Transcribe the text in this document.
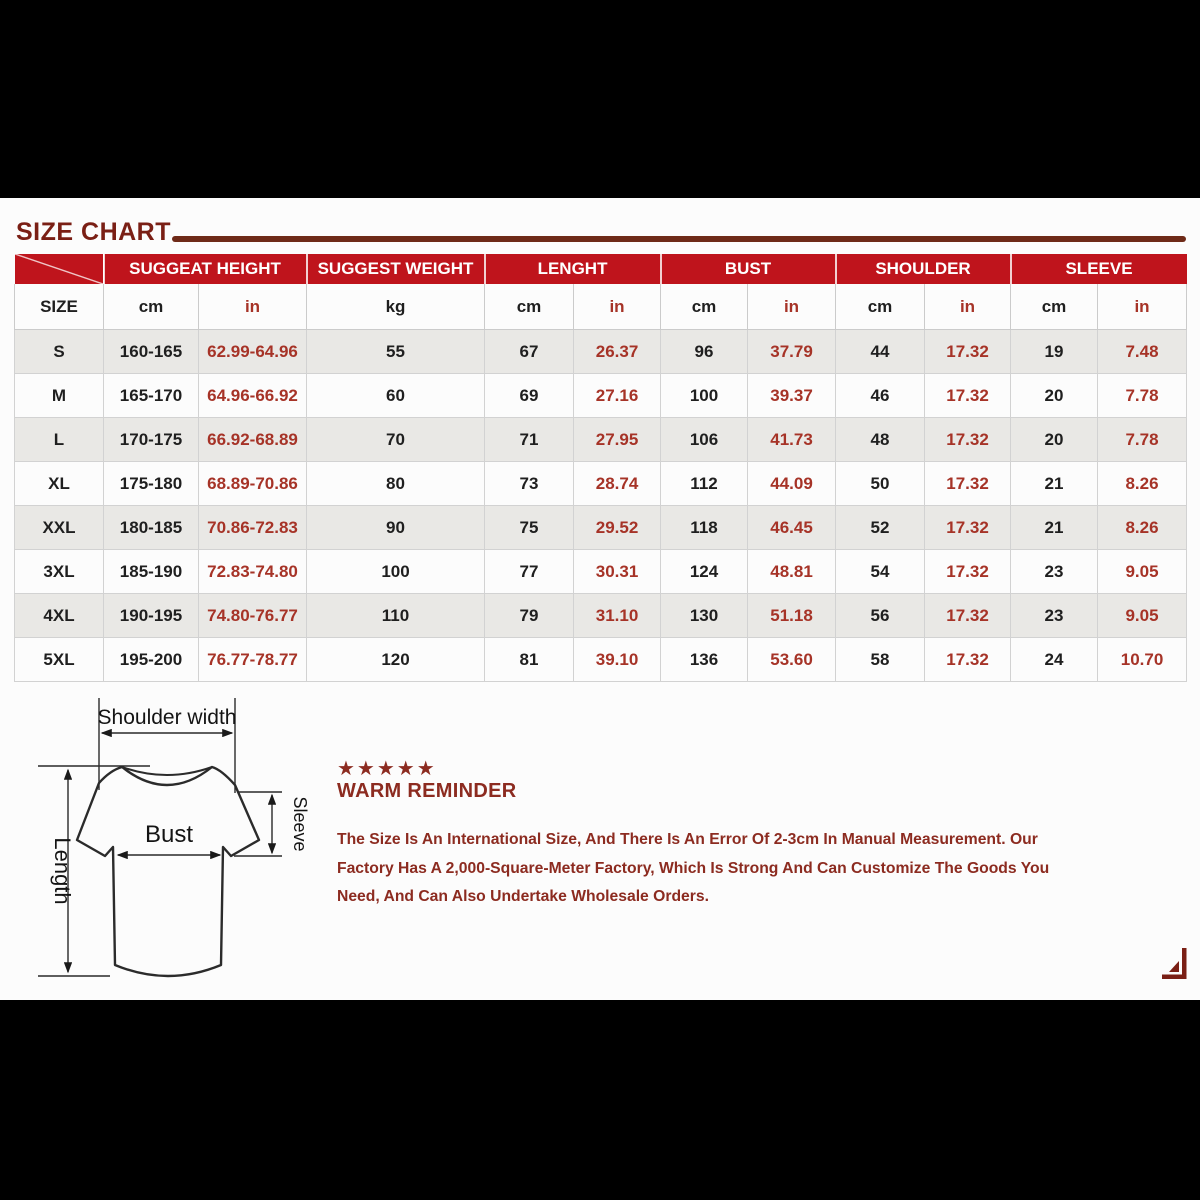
SIZE CHART
	SUGGEAT HEIGHT		SUGGEST WEIGHT	LENGHT		BUST		SHOULDER		SLEEVE	
SIZE	cm	in	kg	cm	in	cm	in	cm	in	cm	in
S	160-165	62.99-64.96	55	67	26.37	96	37.79	44	17.32	19	7.48
M	165-170	64.96-66.92	60	69	27.16	100	39.37	46	17.32	20	7.78
L	170-175	66.92-68.89	70	71	27.95	106	41.73	48	17.32	20	7.78
XL	175-180	68.89-70.86	80	73	28.74	112	44.09	50	17.32	21	8.26
XXL	180-185	70.86-72.83	90	75	29.52	118	46.45	52	17.32	21	8.26
3XL	185-190	72.83-74.80	100	77	30.31	124	48.81	54	17.32	23	9.05
4XL	190-195	74.80-76.77	110	79	31.10	130	51.18	56	17.32	23	9.05
5XL	195-200	76.77-78.77	120	81	39.10	136	53.60	58	17.32	24	10.70
Shoulder width
Length
Bust	Sleeve
★★★★★
WARM REMINDER
The Size Is An International Size, And There Is An Error Of 2-3cm In Manual Measurement. Our Factory Has A 2,000-Square-Meter Factory, Which Is Strong And Can Customize The Goods You Need, And Can Also Undertake Wholesale Orders.
